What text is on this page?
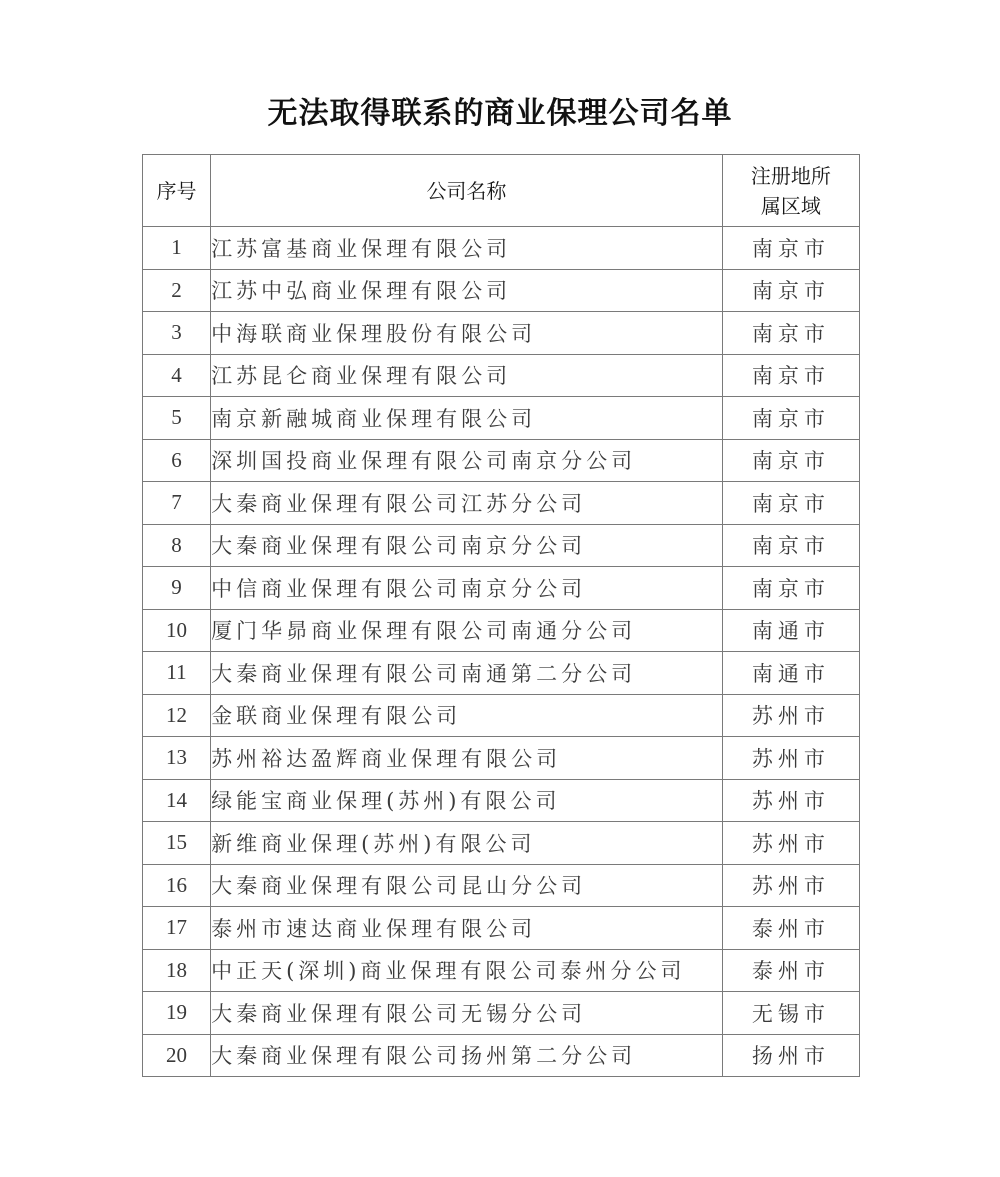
无法取得联系的商业保理公司名单
序号	公司名称	注册地所
属区域

1	江苏富基商业保理有限公司	南京市
2	江苏中弘商业保理有限公司	南京市
3	中海联商业保理股份有限公司	南京市
4	江苏昆仑商业保理有限公司	南京市
5	南京新融城商业保理有限公司	南京市
6	深圳国投商业保理有限公司南京分公司	南京市
7	大秦商业保理有限公司江苏分公司	南京市
8	大秦商业保理有限公司南京分公司	南京市
9	中信商业保理有限公司南京分公司	南京市
10	厦门华昴商业保理有限公司南通分公司	南通市
11	大秦商业保理有限公司南通第二分公司	南通市
12	金联商业保理有限公司	苏州市
13	苏州裕达盈辉商业保理有限公司	苏州市
14	绿能宝商业保理(苏州)有限公司	苏州市
15	新维商业保理(苏州)有限公司	苏州市
16	大秦商业保理有限公司昆山分公司	苏州市
17	泰州市速达商业保理有限公司	泰州市
18	中正天(深圳)商业保理有限公司泰州分公司	泰州市
19	大秦商业保理有限公司无锡分公司	无锡市
20	大秦商业保理有限公司扬州第二分公司	扬州市
